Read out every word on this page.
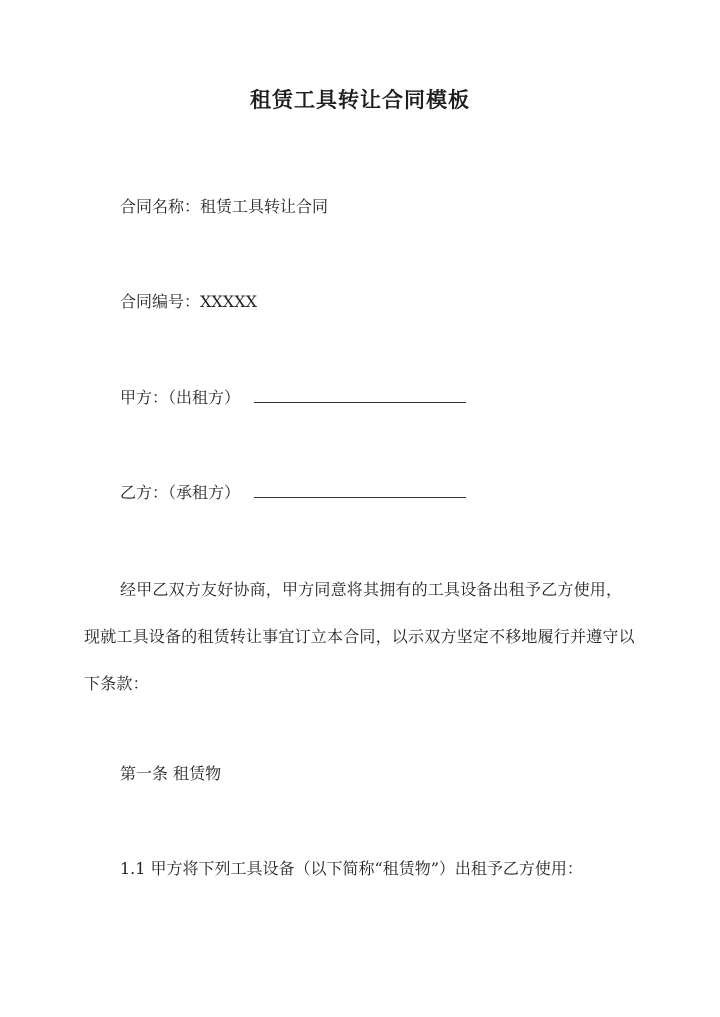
租赁工具转让合同模板
合同名称：租赁工具转让合同
合同编号：XXXXX
甲方：（出租方）
乙方：（承租方）
经甲乙双方友好协商，甲方同意将其拥有的工具设备出租予乙方使用，现就工具设备的租赁转让事宜订立本合同，以示双方坚定不移地履行并遵守以下条款：
第一条 租赁物
1.1 甲方将下列工具设备（以下简称“租赁物”）出租予乙方使用：
